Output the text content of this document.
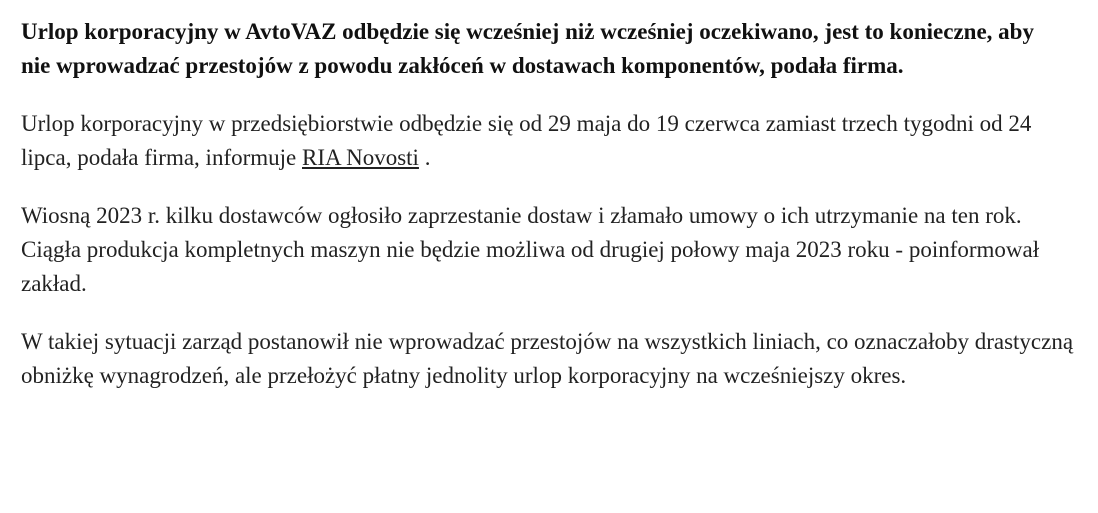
Urlop korporacyjny w AvtoVAZ odbędzie się wcześniej niż wcześniej oczekiwano, jest to konieczne, aby nie wprowadzać przestojów z powodu zakłóceń w dostawach komponentów, podała firma.

Urlop korporacyjny w przedsiębiorstwie odbędzie się od 29 maja do 19 czerwca zamiast trzech tygodni od 24 lipca, podała firma, informuje RIA Novosti .

Wiosną 2023 r. kilku dostawców ogłosiło zaprzestanie dostaw i złamało umowy o ich utrzymanie na ten rok. Ciągła produkcja kompletnych maszyn nie będzie możliwa od drugiej połowy maja 2023 roku - poinformował zakład.

W takiej sytuacji zarząd postanowił nie wprowadzać przestojów na wszystkich liniach, co oznaczałoby drastyczną obniżkę wynagrodzeń, ale przełożyć płatny jednolity urlop korporacyjny na wcześniejszy okres.
